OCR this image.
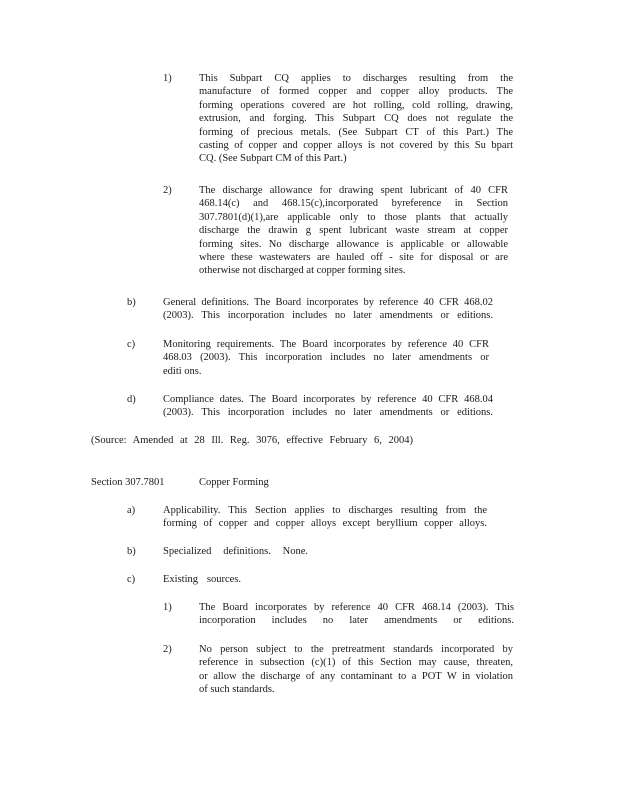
1)	This Subpart CQ applies to discharges resulting from the
manufacture of formed copper and copper alloy products. The
forming operations covered are hot rolling, cold rolling, drawing,
extrusion, and forging. This Subpart CQ does not regulate the
forming of precious metals. (See Subpart CT of this Part.) The
casting of copper and copper alloys is not covered by this Su bpart
CQ. (See Subpart CM of this Part.)
2)	The discharge allowance for drawing spent lubricant of 40 CFR
468.14(c) and 468.15(c),incorporated byreference in Section
307.7801(d)(1),are applicable only to those plants that actually
discharge the drawin g spent lubricant waste stream at copper
forming sites. No discharge allowance is applicable or allowable
where these wastewaters are hauled off - site for disposal or are
otherwise not discharged at copper forming sites.
b)	General definitions. The Board incorporates by reference 40 CFR 468.02
(2003). This incorporation includes no later amendments or editions.
c)	Monitoring requirements. The Board incorporates by reference 40 CFR
468.03 (2003). This incorporation includes no later amendments or
editi ons.
d)	Compliance dates. The Board incorporates by reference 40 CFR 468.04
(2003). This incorporation includes no later amendments or editions.
(Source: Amended at 28 Ill. Reg. 3076, effective February 6, 2004)
Section 307.7801	Copper Forming
a)	Applicability. This Section applies to discharges resulting from the
forming of copper and copper alloys except beryllium copper alloys.
b)	Specialized definitions. None.
c)	Existing sources.
1)	The Board incorporates by reference 40 CFR 468.14 (2003). This
incorporation includes no later amendments or editions.
2)	No person subject to the pretreatment standards incorporated by
reference in subsection (c)(1) of this Section may cause, threaten,
or allow the discharge of any contaminant to a POT W in violation
of such standards.
